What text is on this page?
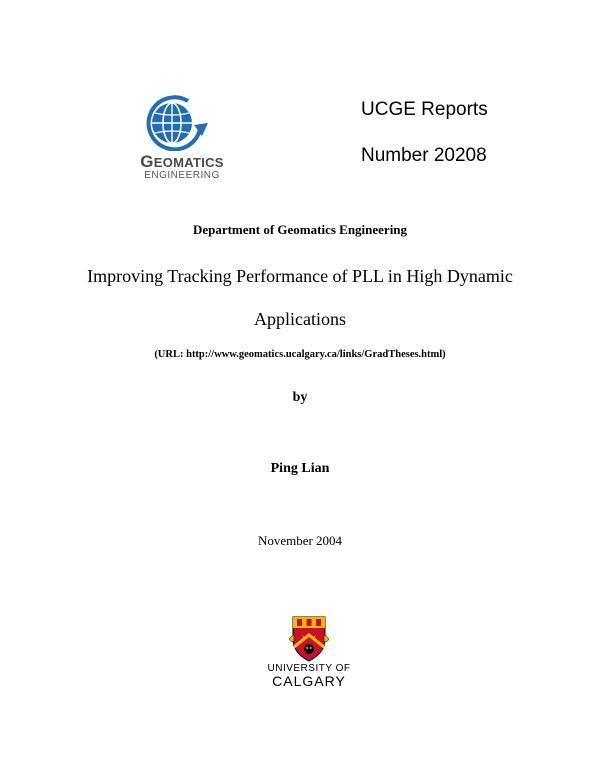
GEOMATICS
ENGINEERING
UCGE Reports
Number 20208
Department of Geomatics Engineering
Improving Tracking Performance of PLL in High Dynamic
Applications
(URL: http://www.geomatics.ucalgary.ca/links/GradTheses.html)
by
Ping Lian
November 2004
UNIVERSITY OF
CALGARY
